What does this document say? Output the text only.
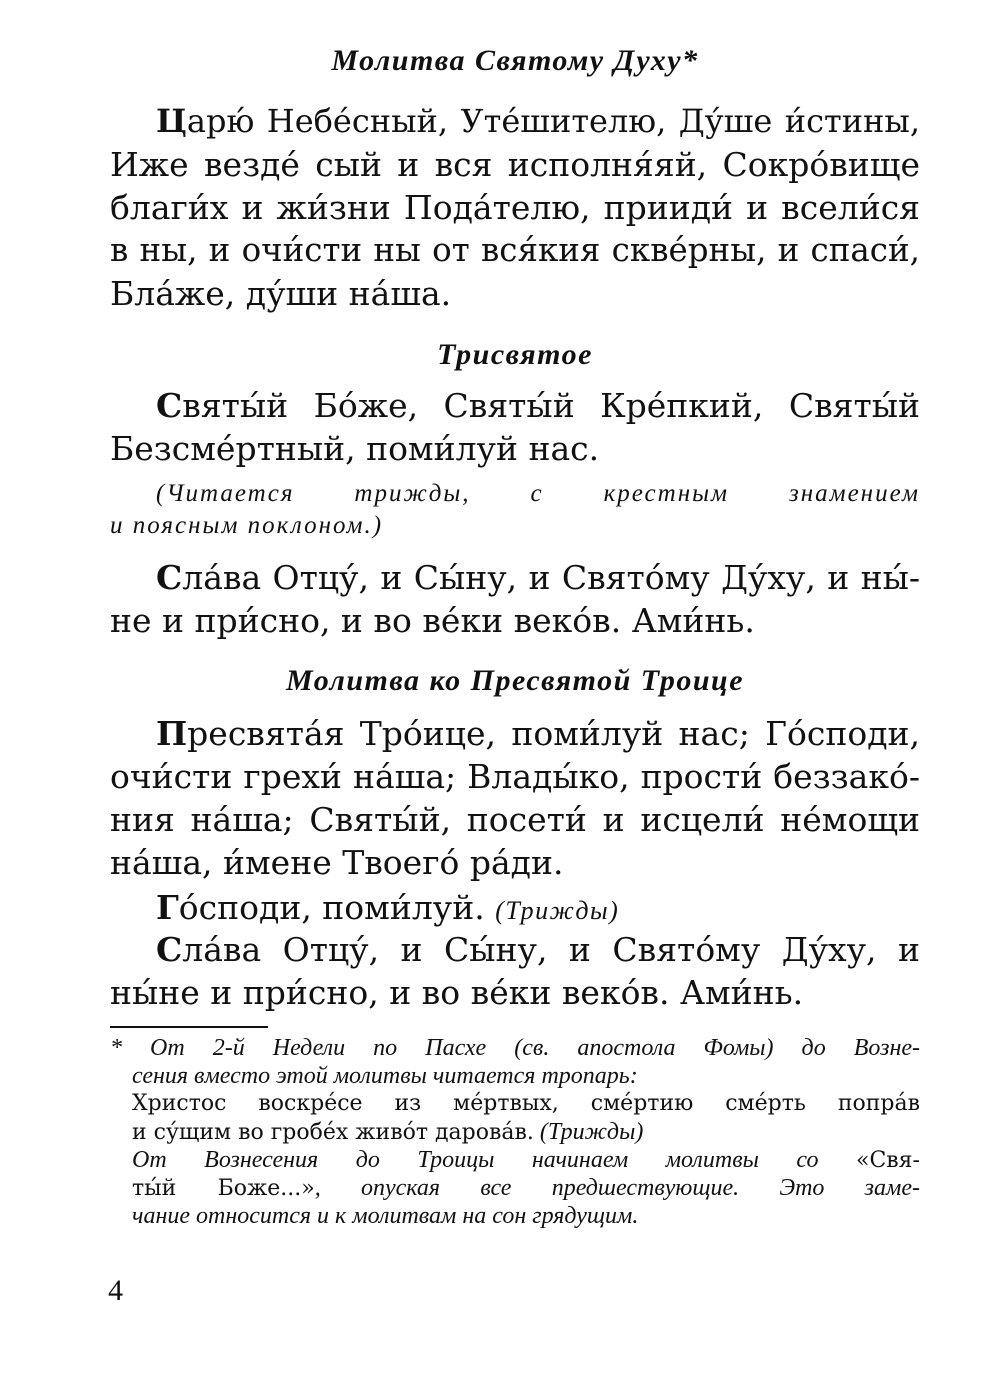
Молитва Святому Духу*

Царю́ Небе́сный, Уте́шителю, Ду́ше и́стины,
Иже везде́ сый и вся исполня́яй, Сокро́вище
благи́х и жи́зни Пода́телю, прииди́ и всели́ся
в ны, и очи́сти ны от вся́кия скве́рны, и спаси́,
Бла́же, ду́ши на́ша.

Трисвятое

Святы́й Бо́же, Святы́й Кре́пкий, Святы́й
Безсме́ртный, поми́луй нас.

(Читается трижды, с крестным знамением
и поясным поклоном.)

Сла́ва Отцу́, и Сы́ну, и Свято́му Ду́ху, и ны́-
не и при́сно, и во ве́ки веко́в. Ами́нь.

Молитва ко Пресвятой Троице

Пресвята́я Тро́ице, поми́луй нас; Го́споди,
очи́сти грехи́ на́ша; Влады́ко, прости́ беззако́-
ния на́ша; Святы́й, посети́ и исцели́ не́мощи
на́ша, и́мене Твоего́ ра́ди.

Го́споди, поми́луй. (Трижды)

Сла́ва Отцу́, и Сы́ну, и Свято́му Ду́ху, и
ны́не и при́сно, и во ве́ки веко́в. Ами́нь.

* От 2-й Недели по Пасхе (св. апостола Фомы) до Возне-
сения вместо этой молитвы читается тропарь:
Христос воскре́се из ме́ртвых, сме́ртию сме́рть попра́в
и су́щим во гробе́х живо́т дарова́в. (Трижды)
От Вознесения до Троицы начинаем молитвы со «Свя-
ты́й Боже...», опуская все предшествующие. Это заме-
чание относится и к молитвам на сон грядущим.
4
